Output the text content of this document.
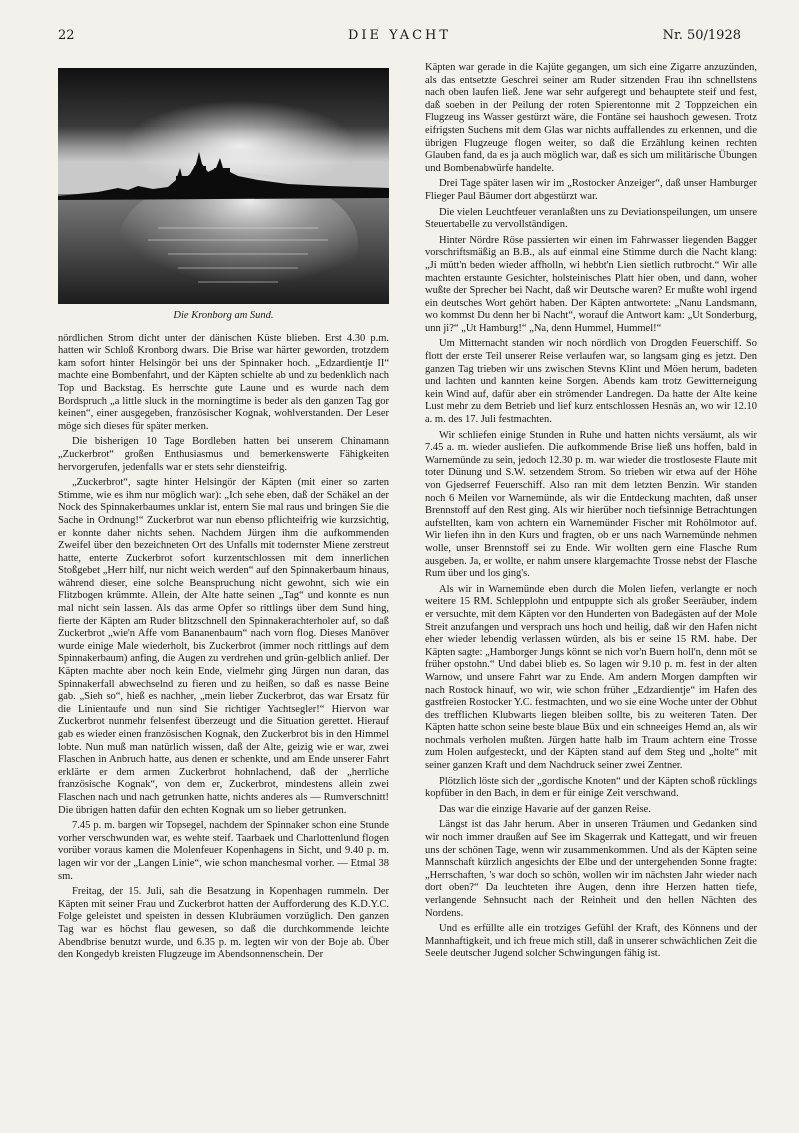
22	DIE YACHT	Nr. 50/1928
Die Kronborg am Sund.

nördlichen Strom dicht unter der dänischen Küste blieben. Erst 4.30 p.m. hatten wir Schloß Kronborg dwars. Die Brise war härter geworden, trotzdem kam sofort hinter Helsingör bei uns der Spinnaker hoch. „Edzardientje II“ machte eine Bombenfahrt, und der Käpten schielte ab und zu bedenklich nach Top und Backstag. Es herrschte gute Laune und es wurde nach dem Bordspruch „a little sluck in the morningtime is beder als den ganzen Tag gor keinen“, einer ausgegeben, französischer Kognak, wohlverstanden. Der Leser möge sich dieses für später merken.

Die bisherigen 10 Tage Bordleben hatten bei unserem Chinamann „Zuckerbrot“ großen Enthusiasmus und bemerkenswerte Fähigkeiten hervorgerufen, jedenfalls war er stets sehr diensteifrig.

„Zuckerbrot“, sagte hinter Helsingör der Käpten (mit einer so zarten Stimme, wie es ihm nur möglich war): „Ich sehe eben, daß der Schäkel an der Nock des Spinnakerbaumes unklar ist, entern Sie mal raus und bringen Sie die Sache in Ordnung!“ Zuckerbrot war nun ebenso pflichteifrig wie kurzsichtig, er konnte daher nichts sehen. Nachdem Jürgen ihm die aufkommenden Zweifel über den bezeichneten Ort des Unfalls mit todernster Miene zerstreut hatte, enterte Zuckerbrot sofort kurzentschlossen mit dem innerlichen Stoßgebet „Herr hilf, nur nicht weich werden“ auf den Spinnakerbaum hinaus, während dieser, eine solche Beanspruchung nicht gewohnt, sich wie ein Flitzbogen krümmte. Allein, der Alte hatte seinen „Tag“ und konnte es nun mal nicht sein lassen. Als das arme Opfer so rittlings über dem Sund hing, fierte der Käpten am Ruder blitzschnell den Spinnakerachterholer auf, so daß Zuckerbrot „wie'n Affe vom Bananenbaum“ nach vorn flog. Dieses Manöver wurde einige Male wiederholt, bis Zuckerbrot (immer noch rittlings auf dem Spinnakerbaum) anfing, die Augen zu verdrehen und grün-gelblich anlief. Der Käpten machte aber noch kein Ende, vielmehr ging Jürgen nun daran, das Spinnakerfall abwechselnd zu fieren und zu heißen, so daß es nasse Beine gab. „Sieh so“, hieß es nachher, „mein lieber Zuckerbrot, das war Ersatz für die Linientaufe und nun sind Sie richtiger Yachtsegler!“ Hiervon war Zuckerbrot nunmehr felsenfest überzeugt und die Situation gerettet. Hierauf gab es wieder einen französischen Kognak, den Zuckerbrot bis in den Himmel lobte. Nun muß man natürlich wissen, daß der Alte, geizig wie er war, zwei Flaschen in Anbruch hatte, aus denen er schenkte, und am Ende unserer Fahrt erklärte er dem armen Zuckerbrot hohnlachend, daß der „herrliche französische Kognak“, von dem er, Zuckerbrot, mindestens allein zwei Flaschen nach und nach getrunken hatte, nichts anderes als — Rumverschnitt! Die übrigen hatten dafür den echten Kognak um so lieber getrunken.

7.45 p. m. bargen wir Topsegel, nachdem der Spinnaker schon eine Stunde vorher verschwunden war, es wehte steif. Taarbaek und Charlottenlund flogen vorüber voraus kamen die Molenfeuer Kopenhagens in Sicht, und 9.40 p. m. lagen wir vor der „Langen Linie“, wie schon manchesmal vorher. — Etmal 38 sm.

Freitag, der 15. Juli, sah die Besatzung in Kopenhagen rummeln. Der Käpten mit seiner Frau und Zuckerbrot hatten der Aufforderung des K.D.Y.C. Folge geleistet und speisten in dessen Klubräumen vorzüglich. Den ganzen Tag war es höchst flau gewesen, so daß die durchkommende leichte Abendbrise benutzt wurde, und 6.35 p. m. legten wir von der Boje ab. Über den Kongedyb kreisten Flugzeuge im Abendsonnenschein. Der

Käpten war gerade in die Kajüte gegangen, um sich eine Zigarre anzuzünden, als das entsetzte Geschrei seiner am Ruder sitzenden Frau ihn schnellstens nach oben laufen ließ. Jene war sehr aufgeregt und behauptete steif und fest, daß soeben in der Peilung der roten Spierentonne mit 2 Toppzeichen ein Flugzeug ins Wasser gestürzt wäre, die Fontäne sei haushoch gewesen. Trotz eifrigsten Suchens mit dem Glas war nichts auffallendes zu erkennen, und die übrigen Flugzeuge flogen weiter, so daß die Erzählung keinen rechten Glauben fand, da es ja auch möglich war, daß es sich um militärische Übungen und Bombenabwürfe handelte.

Drei Tage später lasen wir im „Rostocker Anzeiger“, daß unser Hamburger Flieger Paul Bäumer dort abgestürzt war.

Die vielen Leuchtfeuer veranlaßten uns zu Deviationspeilungen, um unsere Steuertabelle zu vervollständigen.

Hinter Nördre Röse passierten wir einen im Fahrwasser liegenden Bagger vorschriftsmäßig an B.B., als auf einmal eine Stimme durch die Nacht klang: „Ji mütt'n beden wieder affholln, wi hebbt'n Lien sietlich rutbrocht.“ Wir alle machten erstaunte Gesichter, holsteinisches Platt hier oben, und dann, woher wußte der Sprecher bei Nacht, daß wir Deutsche waren? Er mußte wohl irgend ein deutsches Wort gehört haben. Der Käpten antwortete: „Nanu Landsmann, wo kommst Du denn her bi Nacht“, worauf die Antwort kam: „Ut Sonderburg, unn ji?“ „Ut Hamburg!“ „Na, denn Hummel, Hummel!“

Um Mitternacht standen wir noch nördlich von Drogden Feuerschiff. So flott der erste Teil unserer Reise verlaufen war, so langsam ging es jetzt. Den ganzen Tag trieben wir uns zwischen Stevns Klint und Möen herum, badeten und lachten und kannten keine Sorgen. Abends kam trotz Gewitterneigung kein Wind auf, dafür aber ein strömender Landregen. Da hatte der Alte keine Lust mehr zu dem Betrieb und lief kurz entschlossen Hesnäs an, wo wir 12.10 a. m. des 17. Juli festmachten.

Wir schliefen einige Stunden in Ruhe und hatten nichts versäumt, als wir 7.45 a. m. wieder ausliefen. Die aufkommende Brise ließ uns hoffen, bald in Warnemünde zu sein, jedoch 12.30 p. m. war wieder die trostloseste Flaute mit toter Dünung und S.W. setzendem Strom. So trieben wir etwa auf der Höhe von Gjedserref Feuerschiff. Also ran mit dem letzten Benzin. Wir standen noch 6 Meilen vor Warnemünde, als wir die Entdeckung machten, daß unser Brennstoff auf den Rest ging. Als wir hierüber noch tiefsinnige Betrachtungen aufstellten, kam von achtern ein Warnemünder Fischer mit Rohölmotor auf. Wir liefen ihn in den Kurs und fragten, ob er uns nach Warnemünde nehmen wolle, unser Brennstoff sei zu Ende. Wir wollten gern eine Flasche Rum ausgeben. Ja, er wollte, er nahm unsere klargemachte Trosse nebst der Flasche Rum über und los ging's.

Als wir in Warnemünde eben durch die Molen liefen, verlangte er noch weitere 15 RM. Schlepplohn und entpuppte sich als großer Seeräuber, indem er versuchte, mit dem Käpten vor den Hunderten von Badegästen auf der Mole Streit anzufangen und versprach uns hoch und heilig, daß wir den Hafen nicht eher wieder lebendig verlassen würden, als bis er seine 15 RM. habe. Der Käpten sagte: „Hamborger Jungs könnt se nich vor'n Buern holl'n, denn möt se früher opstohn.“ Und dabei blieb es. So lagen wir 9.10 p. m. fest in der alten Warnow, und unsere Fahrt war zu Ende. Am andern Morgen dampften wir nach Rostock hinauf, wo wir, wie schon früher „Edzardientje“ im Hafen des gastfreien Rostocker Y.C. festmachten, und wo sie eine Woche unter der Obhut des trefflichen Klubwarts liegen bleiben sollte, bis zu weiteren Taten. Der Käpten hatte schon seine beste blaue Büx und ein schneeiges Hemd an, als wir nochmals verholen mußten. Jürgen hatte halb im Traum achtern eine Trosse zum Holen aufgesteckt, und der Käpten stand auf dem Steg und „holte“ mit seiner ganzen Kraft und dem Nachdruck seiner zwei Zentner.

Plötzlich löste sich der „gordische Knoten“ und der Käpten schoß rücklings kopfüber in den Bach, in dem er für einige Zeit verschwand.

Das war die einzige Havarie auf der ganzen Reise.

Längst ist das Jahr herum. Aber in unseren Träumen und Gedanken sind wir noch immer draußen auf See im Skagerrak und Kattegatt, und wir freuen uns der schönen Tage, wenn wir zusammenkommen. Und als der Käpten seine Mannschaft kürzlich angesichts der Elbe und der untergehenden Sonne fragte: „Herrschaften, 's war doch so schön, wollen wir im nächsten Jahr wieder nach dort oben?“ Da leuchteten ihre Augen, denn ihre Herzen hatten tiefe, verlangende Sehnsucht nach der Reinheit und den hellen Nächten des Nordens.

Und es erfüllte alle ein trotziges Gefühl der Kraft, des Könnens und der Mannhaftigkeit, und ich freue mich still, daß in unserer schwächlichen Zeit die Seele deutscher Jugend solcher Schwingungen fähig ist.
